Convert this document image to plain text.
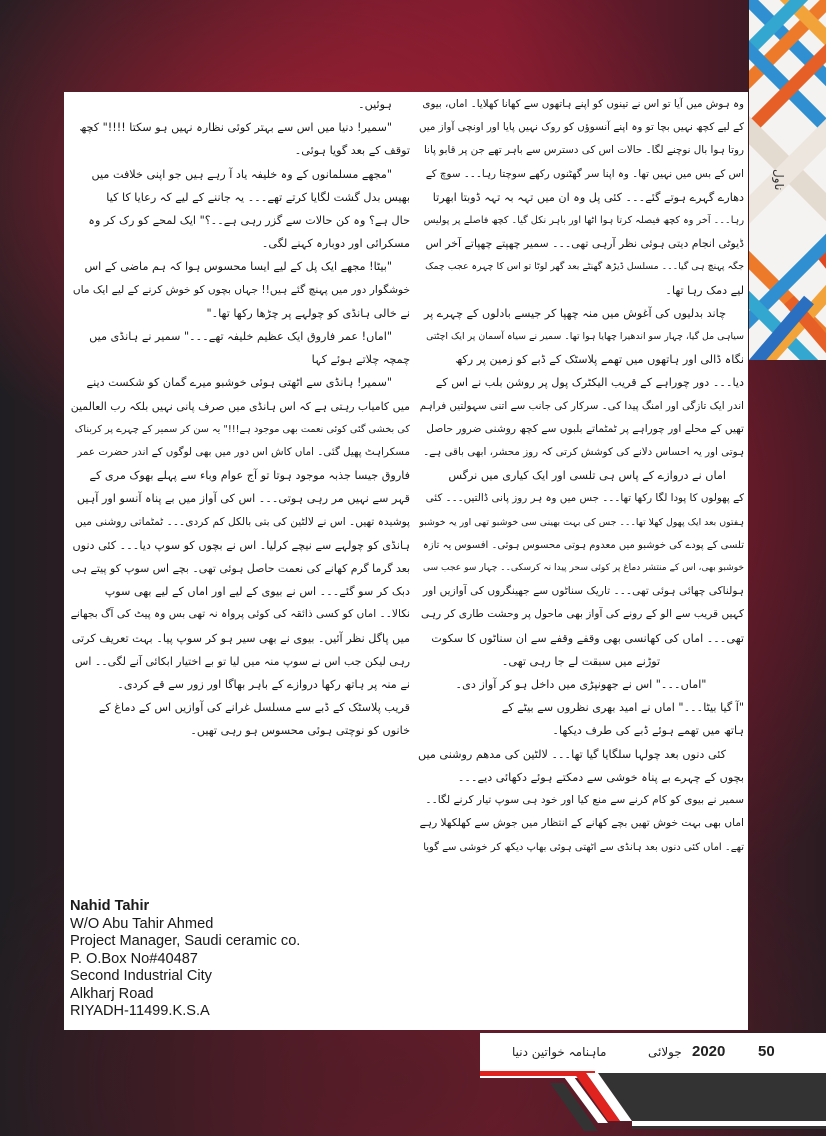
ناول
وہ ہوش میں آیا تو اس نے تینوں کو اپنے ہاتھوں سے کھانا کھلایا۔ اماں، بیوی
کے لیے کچھ نہیں بچا تو وہ اپنے آنسوؤں کو روک نہیں پایا اور اونچی آواز میں
روتا ہوا بال نوچنے لگا۔ حالات اس کی دسترس سے باہر تھے جن پر قابو پانا
اس کے بس میں نہیں تھا۔ وہ اپنا سر گھٹنوں رکھے سوچتا رہا۔۔۔ سوچ کے
دھارے گہرے ہوتے گئے۔۔۔ کئی پل وہ ان میں تہہ بہ تہہ ڈوبتا ابھرتا
رہا۔۔۔ آخر وہ کچھ فیصلہ کرتا ہوا اٹھا اور باہر نکل گیا۔ کچھ فاصلے پر پولیس
ڈیوٹی انجام دیتی ہوئی نظر آرہی تھی۔۔۔ سمیر چھپتے چھپاتے آخر اس
جگہ پہنچ ہی گیا۔۔۔ مسلسل ڈیڑھ گھنٹے بعد گھر لوٹا تو اس کا چہرہ عجب چمک
لیے دمک رہا تھا۔
چاند بدلیوں کی آغوش میں منہ چھپا کر جیسے بادلوں کے چہرے پر
سیاہی مل گیا، چہار سو اندھیرا چھایا ہوا تھا۔ سمیر نے سیاہ آسمان پر ایک اچٹتی
نگاہ ڈالی اور ہاتھوں میں تھمے پلاسٹک کے ڈبے کو زمین پر رکھ
دیا۔۔۔ دور چوراہے کے قریب الیکٹرک پول پر روشن بلب نے اس کے
اندر ایک تازگی اور امنگ پیدا کی۔ سرکار کی جانب سے اتنی سہولتیں فراہم
تھیں کے محلے اور چوراہے پر ٹمٹماتے بلبوں سے کچھ روشنی ضرور حاصل
ہوتی اور یہ احساس دلانے کی کوشش کرتی کہ روز محشر، ابھی باقی ہے۔
اماں نے دروازے کے پاس ہی تلسی اور ایک کیاری میں نرگس
کے پھولوں کا پودا لگا رکھا تھا۔۔۔ جس میں وہ ہر روز پانی ڈالتیں۔۔۔ کئی
ہفتوں بعد ایک پھول کھلا تھا۔۔۔ جس کی بہت بھینی سی خوشبو تھی اور یہ خوشبو
تلسی کے پودے کی خوشبو میں معدوم ہوتی محسوس ہوئی۔ افسوس یہ تازہ
خوشبو بھی، اس کے منتشر دماغ پر کوئی سحر پیدا نہ کرسکی۔۔ چہار سو عجب سی
ہولناکی چھائی ہوئی تھی۔۔۔ تاریک سناٹوں سے جھینگروں کی آوازیں اور
کہیں قریب سے الو کے رونے کی آواز بھی ماحول پر وحشت طاری کر رہی
تھی۔۔۔ اماں کی کھانسی بھی وقفے وقفے سے ان سناٹوں کا سکوت
توڑنے میں سبقت لے جا رہی تھی۔
"اماں۔۔۔" اس نے جھونپڑی میں داخل ہو کر آواز دی۔
"آ گیا بیٹا۔۔۔" اماں نے امید بھری نظروں سے بیٹے کے
ہاتھ میں تھمے ہوئے ڈبے کی طرف دیکھا۔
کئی دنوں بعد چولہا سلگایا گیا تھا۔۔۔ لالٹین کی مدھم روشنی میں
بچوں کے چہرے بے پناہ خوشی سے دمکتے ہوئے دکھائی دیے۔۔۔
سمیر نے بیوی کو کام کرنے سے منع کیا اور خود ہی سوپ تیار کرنے لگا۔۔
اماں بھی بہت خوش تھیں بچے کھانے کے انتظار میں جوش سے کھلکھلا رہے
تھے۔ اماں کئی دنوں بعد ہانڈی سے اٹھتی ہوئی بھاپ دیکھ کر خوشی سے گویا
ہوئیں۔
"سمیر! دنیا میں اس سے بہتر کوئی نظارہ نہیں ہو سکتا !!!!" کچھ
توقف کے بعد گویا ہوئی۔
"مجھے مسلمانوں کے وہ خلیفہ یاد آ رہے ہیں جو اپنی خلافت میں
بھیس بدل گشت لگایا کرتے تھے۔۔۔ یہ جاننے کے لیے کہ رعایا کا کیا
حال ہے؟ وہ کن حالات سے گزر رہی ہے۔۔؟" ایک لمحے کو رک کر وہ
مسکرائی اور دوبارہ کہنے لگی۔
"بیٹا! مجھے ایک پل کے لیے ایسا محسوس ہوا کہ ہم ماضی کے اس
خوشگوار دور میں پہنچ گئے ہیں!! جہاں بچوں کو خوش کرنے کے لیے ایک ماں
نے خالی ہانڈی کو چولہے پر چڑھا رکھا تھا۔"
"اماں! عمر فاروق ایک عظیم خلیفہ تھے۔۔۔" سمیر نے ہانڈی میں
چمچہ چلاتے ہوئے کہا
"سمیر! ہانڈی سے اٹھتی ہوئی خوشبو میرے گمان کو شکست دینے
میں کامیاب رہتی ہے کہ اس ہانڈی میں صرف پانی نہیں بلکہ رب العالمین
کی بخشی گئی کوئی نعمت بھی موجود ہے!!!" یہ سن کر سمیر کے چہرے پر کربناک
مسکراہٹ پھیل گئی۔ اماں کاش اس دور میں بھی لوگوں کے اندر حضرت عمر
فاروق جیسا جذبہ موجود ہوتا تو آج عوام وباء سے پہلے بھوک مری کے
قہر سے نہیں مر رہی ہوتی۔۔۔ اس کی آواز میں بے پناہ آنسو اور آہیں
پوشیدہ تھیں۔ اس نے لالٹین کی بتی بالکل کم کردی۔۔۔ ٹمٹماتی روشنی میں
ہانڈی کو چولہے سے نیچے کرلیا۔ اس نے بچوں کو سوپ دیا۔۔۔ کئی دنوں
بعد گرما گرم کھانے کی نعمت حاصل ہوئی تھی۔ بچے اس سوپ کو پیتے ہی
دبک کر سو گئے۔۔۔ اس نے بیوی کے لیے اور اماں کے لیے بھی سوپ
نکالا۔۔ اماں کو کسی ذائقہ کی کوئی پرواہ نہ تھی بس وہ پیٹ کی آگ بجھانے
میں پاگل نظر آئیں۔ بیوی نے بھی سیر ہو کر سوپ پیا۔ بہت تعریف کرتی
رہی لیکن جب اس نے سوپ منہ میں لیا تو بے اختیار ابکائی آنے لگی۔۔ اس
نے منہ پر ہاتھ رکھا دروازے کے باہر بھاگا اور زور سے قے کردی۔
قریب پلاسٹک کے ڈبے سے مسلسل غرانے کی آوازیں اس کے دماغ کے
خانوں کو نوچتی ہوئی محسوس ہو رہی تھیں۔
Nahid Tahir
W/O Abu Tahir Ahmed
Project Manager, Saudi ceramic co.
P. O.Box No#40487
Second Industrial City
Alkharj Road
RIYADH-11499.K.S.A
ماہنامہ خواتین دنیا	جولائی 2020 50
